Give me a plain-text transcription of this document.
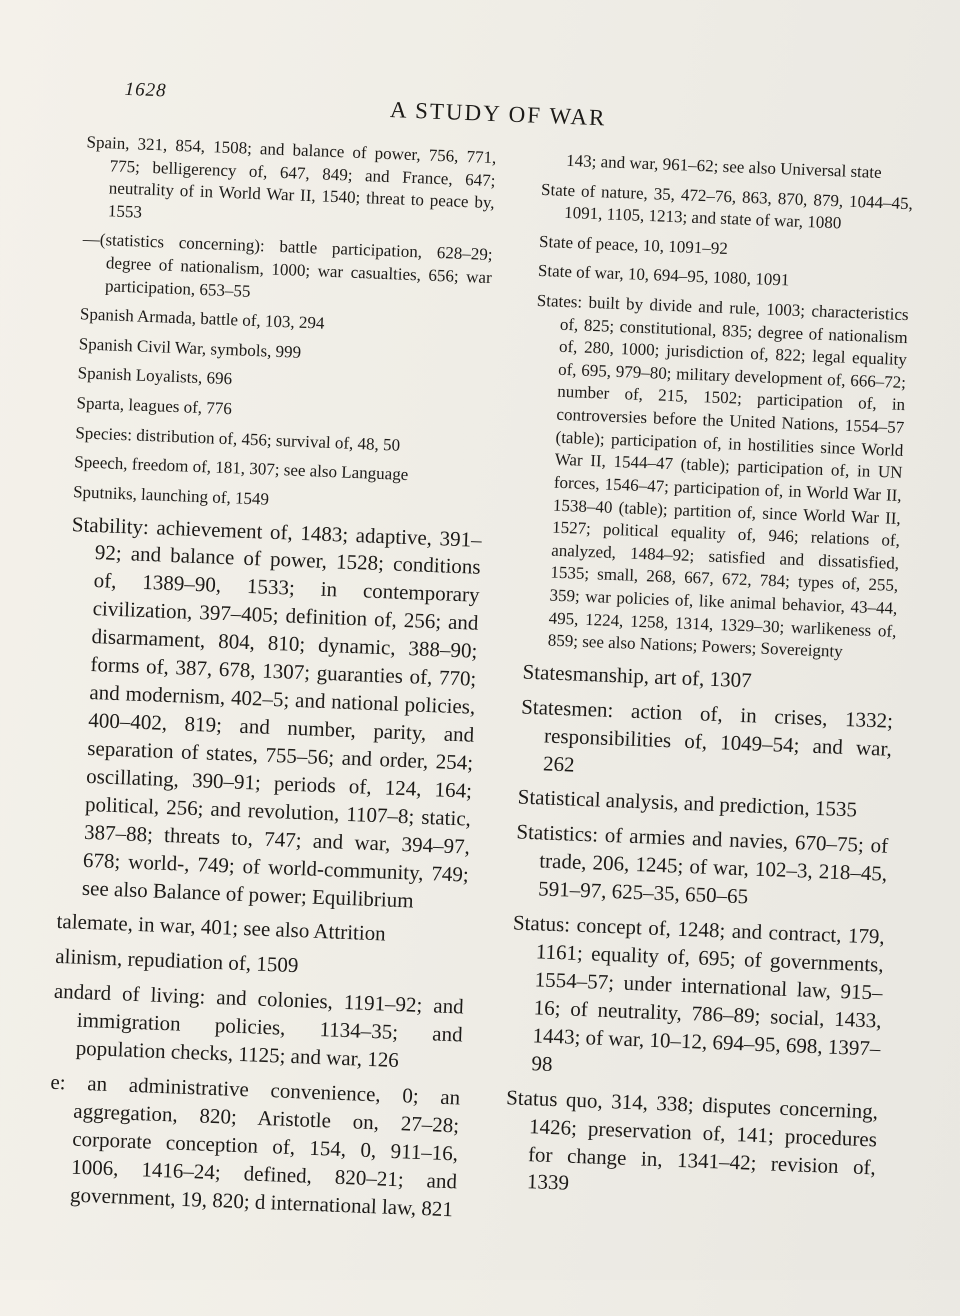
1628
A STUDY OF WAR

Spain, 321, 854, 1508; and balance of power, 756, 771, 775; belligerency of, 647, 849; and France, 647; neutrality of in World War II, 1540; threat to peace by, 1553

—(statistics concerning): battle participation, 628–29; degree of nationalism, 1000; war casualties, 656; war participation, 653–55

Spanish Armada, battle of, 103, 294

Spanish Civil War, symbols, 999

Spanish Loyalists, 696

Sparta, leagues of, 776

Species: distribution of, 456; survival of, 48, 50

Speech, freedom of, 181, 307; see also Language

Sputniks, launching of, 1549

Stability: achievement of, 1483; adaptive, 391–92; and balance of power, 1528; conditions of, 1389–90, 1533; in contemporary civilization, 397–405; definition of, 256; and disarmament, 804, 810; dynamic, 388–90; forms of, 387, 678, 1307; guaranties of, 770; and modernism, 402–5; and national policies, 400–402, 819; and number, parity, and separation of states, 755–56; and order, 254; oscillating, 390–91; periods of, 124, 164; political, 256; and revolution, 1107–8; static, 387–88; threats to, 747; and war, 394–97, 678; world-, 749; of world-community, 749; see also Balance of power; Equilibrium

talemate, in war, 401; see also Attrition

alinism, repudiation of, 1509

andard of living: and colonies, 1191–92; and immigration policies, 1134–35; and population checks, 1125; and war, 126

e: an administrative convenience, 0; an aggregation, 820; Aristotle on, 27–28; corporate conception of, 154, 0, 911–16, 1006, 1416–24; defined, 820–21; and government, 19, 820; d international law, 821

143; and war, 961–62; see also Universal state

State of nature, 35, 472–76, 863, 870, 879, 1044–45, 1091, 1105, 1213; and state of war, 1080

State of peace, 10, 1091–92

State of war, 10, 694–95, 1080, 1091

States: built by divide and rule, 1003; characteristics of, 825; constitutional, 835; degree of nationalism of, 280, 1000; jurisdiction of, 822; legal equality of, 695, 979–80; military development of, 666–72; number of, 215, 1502; participation of, in controversies before the United Nations, 1554–57 (table); participation of, in hostilities since World War II, 1544–47 (table); participation of, in UN forces, 1546–47; participation of, in World War II, 1538–40 (table); partition of, since World War II, 1527; political equality of, 946; relations of, analyzed, 1484–92; satisfied and dissatisfied, 1535; small, 268, 667, 672, 784; types of, 255, 359; war policies of, like animal behavior, 43–44, 495, 1224, 1258, 1314, 1329–30; warlikeness of, 859; see also Nations; Powers; Sovereignty

Statesmanship, art of, 1307

Statesmen: action of, in crises, 1332; responsibilities of, 1049–54; and war, 262

Statistical analysis, and prediction, 1535

Statistics: of armies and navies, 670–75; of trade, 206, 1245; of war, 102–3, 218–45, 591–97, 625–35, 650–65

Status: concept of, 1248; and contract, 179, 1161; equality of, 695; of governments, 1554–57; under international law, 915–16; of neutrality, 786–89; social, 1433, 1443; of war, 10–12, 694–95, 698, 1397–98

Status quo, 314, 338; disputes concerning, 1426; preservation of, 141; procedures for change in, 1341–42; revision of, 1339
